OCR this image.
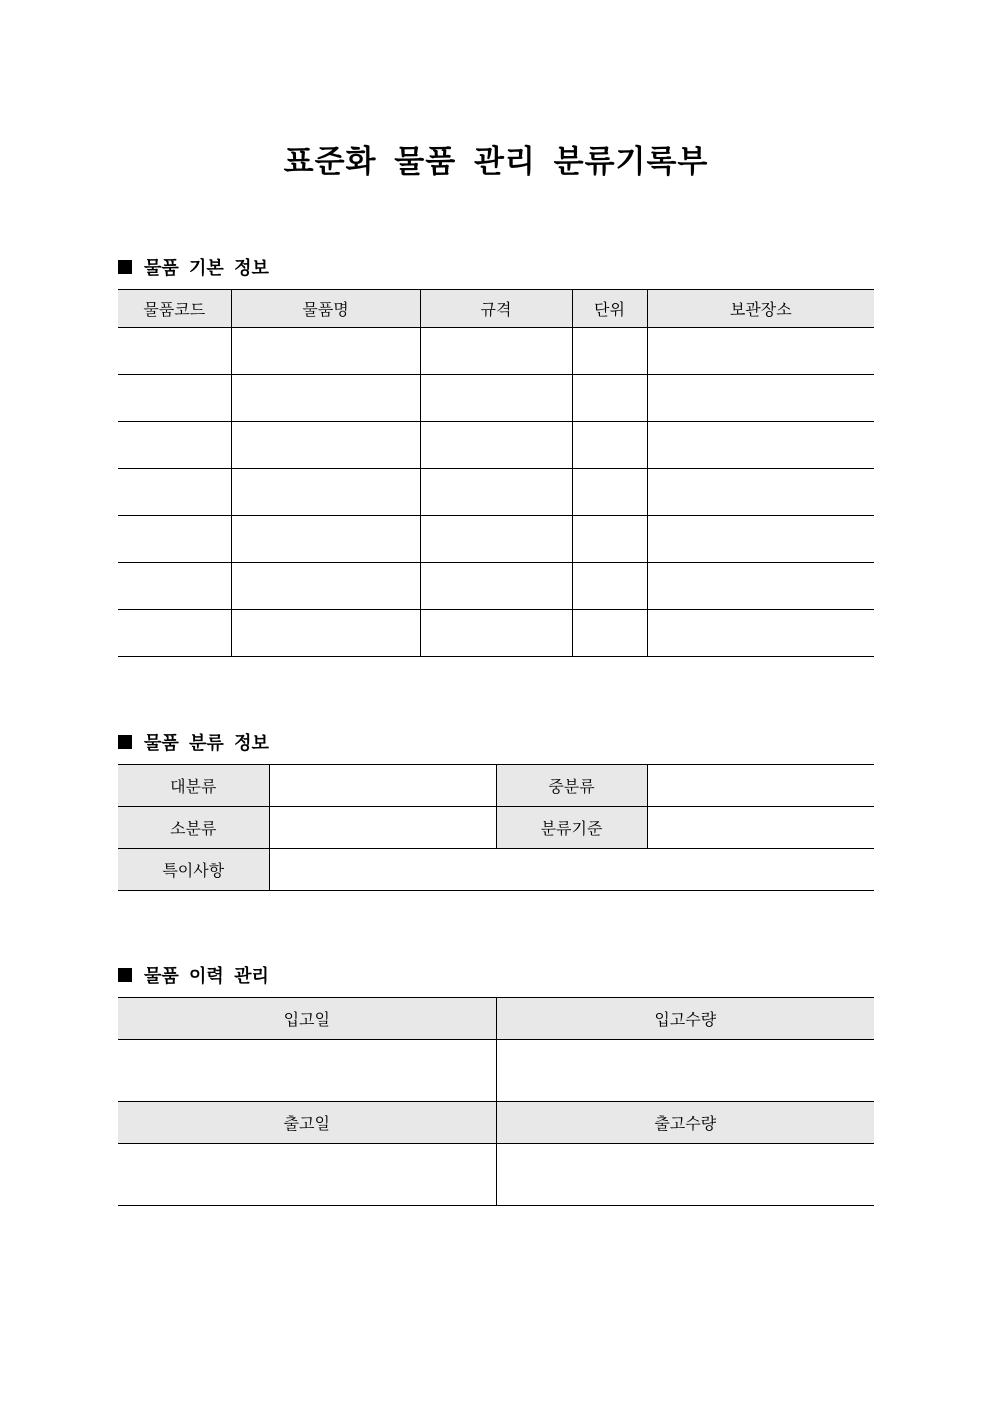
표준화 물품 관리 분류기록부
물품 기본 정보
물품코드	물품명	규격	단위	보관장소

물품 분류 정보
대분류		중분류	
소분류		분류기준	
특이사항			
물품 이력 관리
입고일	입고수량

출고일	출고수량
